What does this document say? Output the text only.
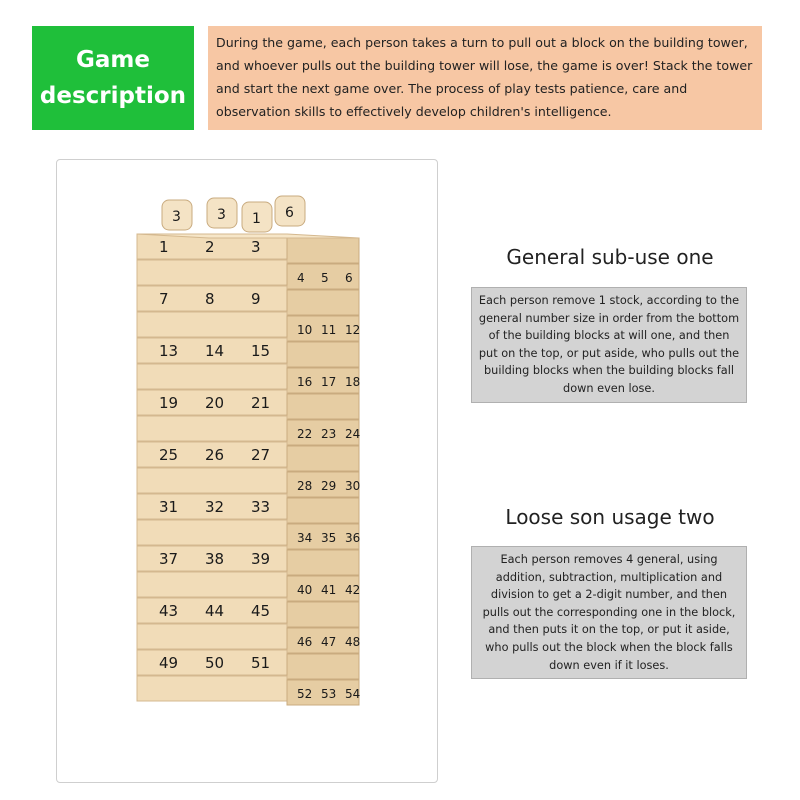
Game
description
During the game, each person takes a turn to pull out a block on the building tower, and whoever pulls out the building tower will lose, the game is over! Stack the tower and start the next game over. The process of play tests patience, care and observation skills to effectively develop children's intelligence.
1 2 3
4 5 6
7 8 9
10 11 12
13 14 15
16 17 18
19 20 21
22 23 24
25 26 27
28 29 30
31 32 33
34 35 36
37 38 39
40 41 42
43 44 45
46 47 48
49 50 51
52 53 54
3	3 1 6
General sub-use one
Each person remove 1 stock, according to the general number size in order from the bottom of the building blocks at will one, and then put on the top, or put aside, who pulls out the building blocks when the building blocks fall down even lose.
Loose son usage two
Each person removes 4 general, using addition, subtraction, multiplication and division to get a 2-digit number, and then pulls out the corresponding one in the block, and then puts it on the top, or put it aside, who pulls out the block when the block falls down even if it loses.
